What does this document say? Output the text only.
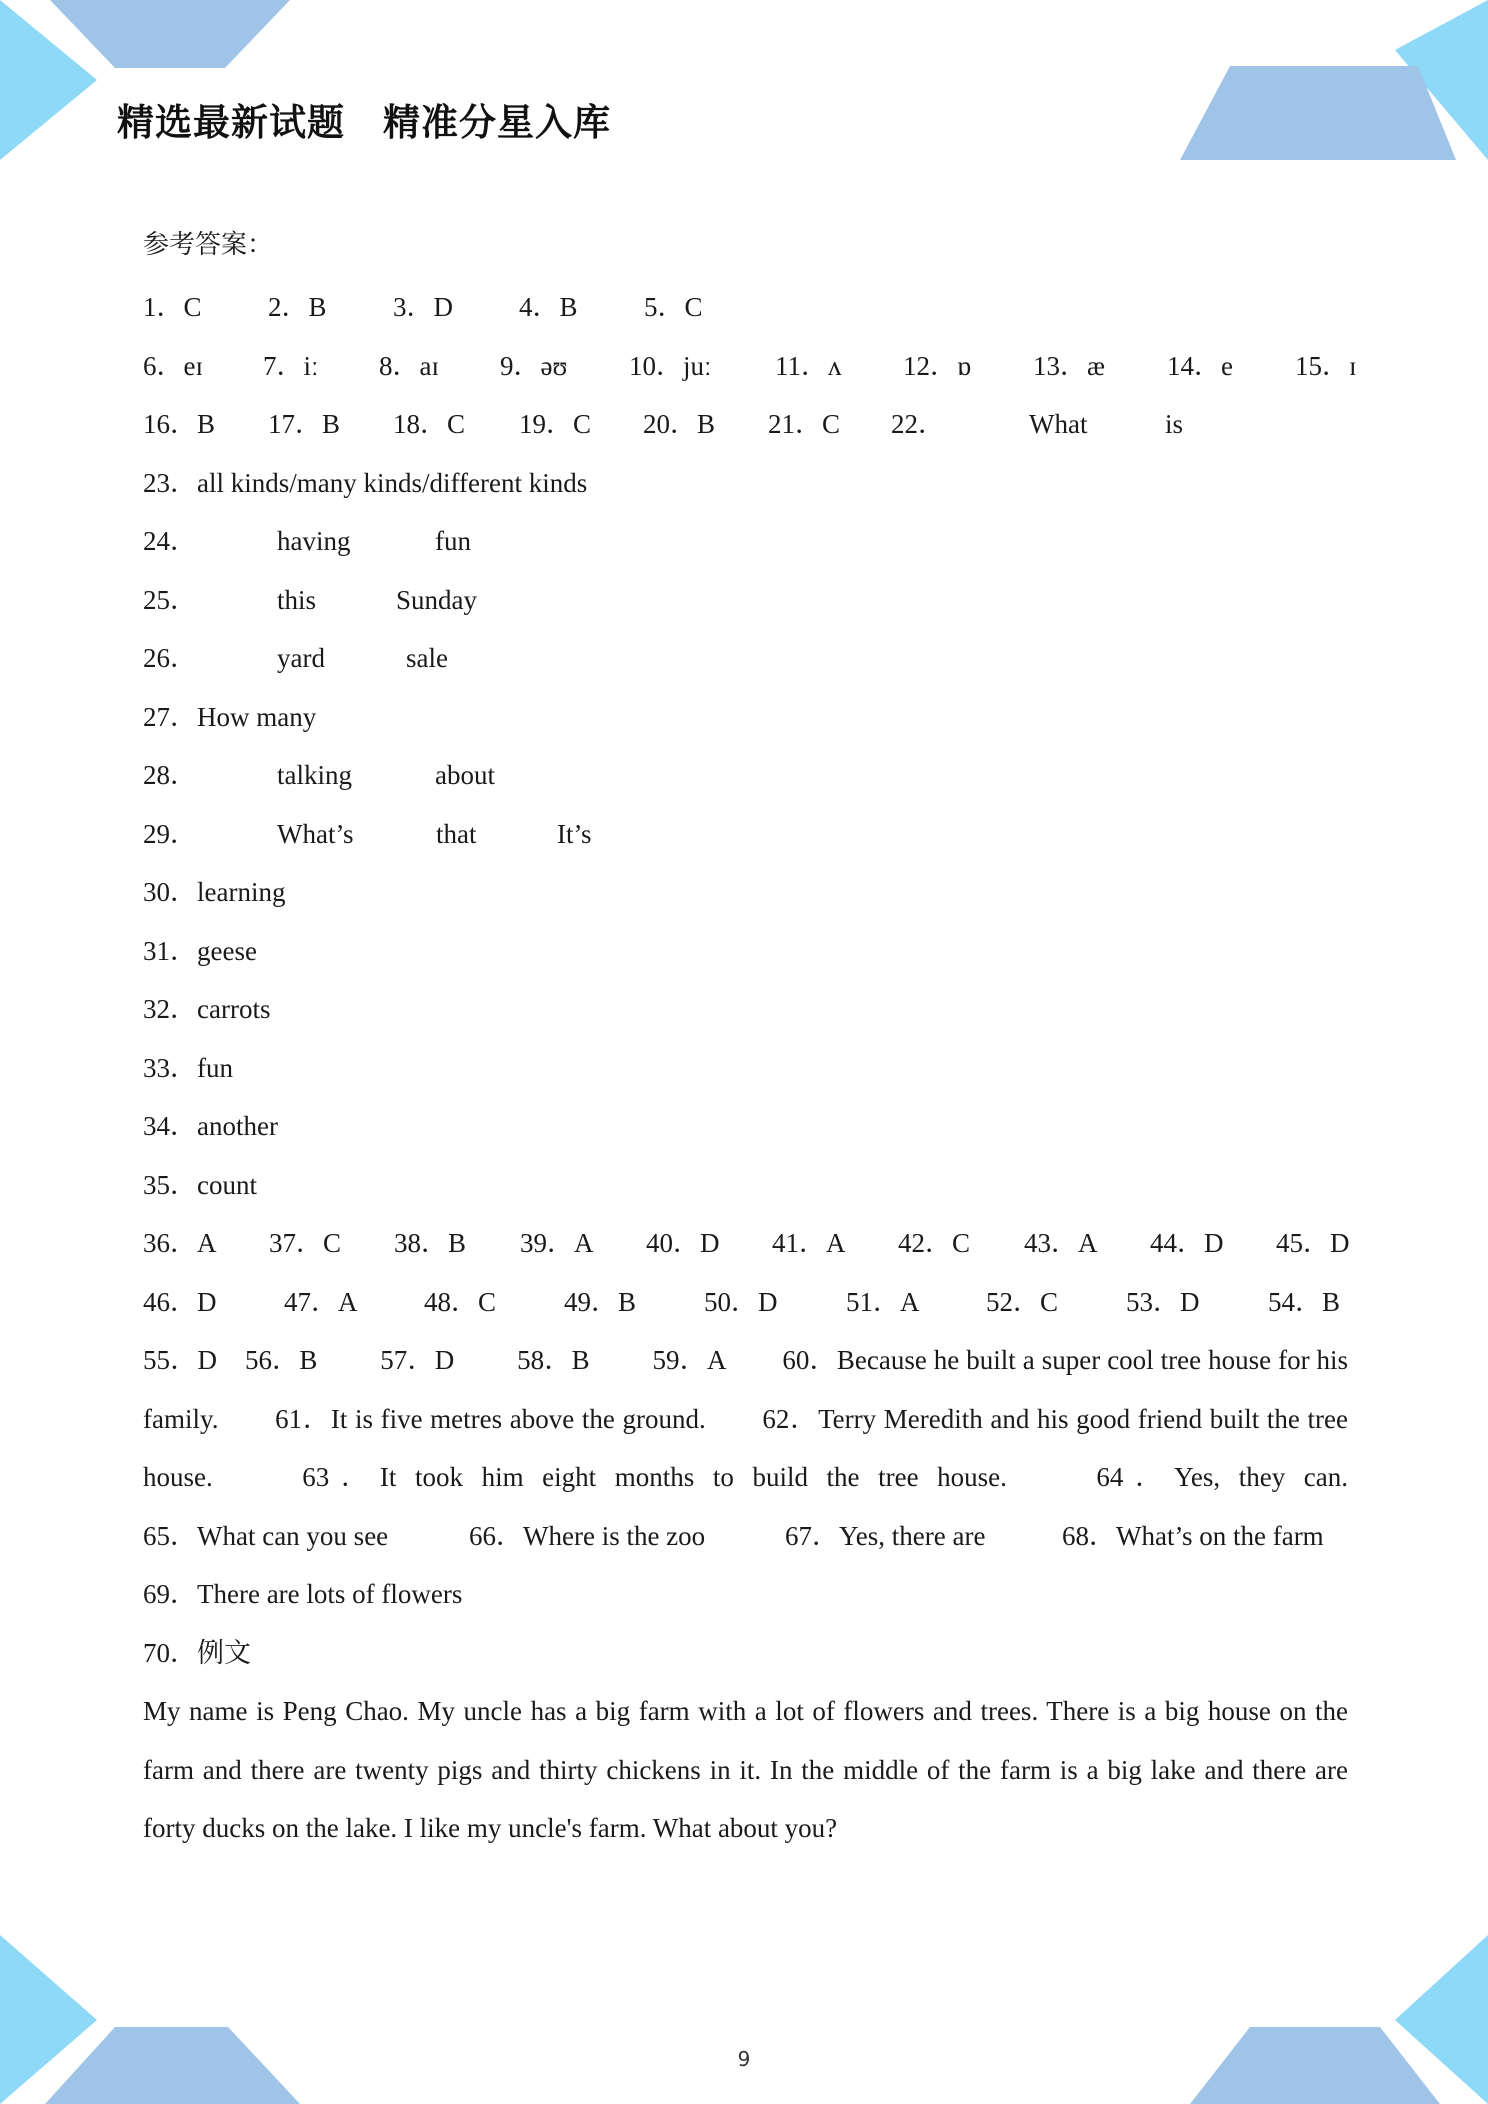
精选最新试题　精准分星入库
参考答案：
1．C 2．B 3．D 4．B 5．C
6．eɪ 7．iː 8．aɪ 9．əʊ 10．juː 11．ʌ 12．ɒ 13．æ 14．e 15．ɪ
16．B 17．B 18．C 19．C 20．B 21．C 22．	What	is
23．all kinds/many kinds/different kinds
24．	having	fun
25．	this	Sunday
26．	yard	sale
27．How many
28．	talking	about
29．	What’s	that	It’s
30．learning
31．geese
32．carrots
33．fun
34．another
35．count
36．A 37．C 38．B 39．A 40．D 41．A 42．C 43．A 44．D 45．D
46．D	47．A 48．C	49．B	50．D	51．A 52．C	53．D	54．B
55．D 56．B 57．D 58．B 59．A 60．Because he built a super cool tree house for his family.　　61．It is five metres above the ground.　　62．Terry Meredith and his good friend built the tree house.　　63．It took him eight months to build the tree house.　　64．Yes, they can.
65．What can you see	66．Where is the zoo	67．Yes, there are	68．What’s on the farm
69．There are lots of flowers
70．例文
My name is Peng Chao. My uncle has a big farm with a lot of flowers and trees. There is a big house on the farm and there are twenty pigs and thirty chickens in it. In the middle of the farm is a big lake and there are forty ducks on the lake. I like my uncle's farm. What about you?
9
